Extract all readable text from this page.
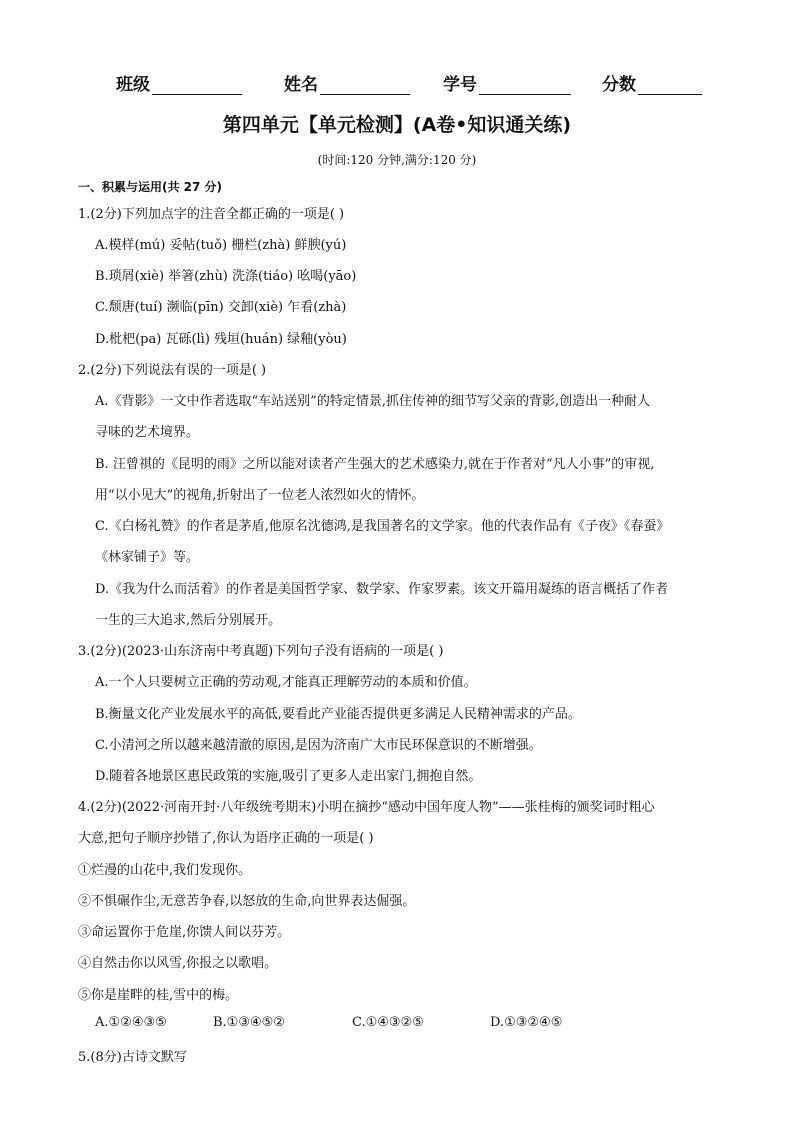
班级	姓名	学号	分数
第四单元【单元检测】(A卷•知识通关练)
(时间:120 分钟,满分:120 分)
一、积累与运用(共 27 分)
1.(2分)下列加点字的注音全都正确的一项是( )
A.模样(mú) 妥帖(tuǒ) 栅栏(zhà) 鲜腴(yú)
B.琐屑(xiè) 举箸(zhù) 洗涤(tiáo) 吆喝(yāo)
C.颓唐(tuí) 濒临(pīn) 交卸(xiè) 乍看(zhà)
D.枇杷(pa) 瓦砾(lì) 残垣(huán) 绿釉(yòu)
2.(2分)下列说法有误的一项是( )
A.《背影》一文中作者选取“车站送别”的特定情景,抓住传神的细节写父亲的背影,创造出一种耐人
寻味的艺术境界。
B. 汪曾祺的《昆明的雨》之所以能对读者产生强大的艺术感染力,就在于作者对“凡人小事”的审视,
用“以小见大”的视角,折射出了一位老人浓烈如火的情怀。
C.《白杨礼赞》的作者是茅盾,他原名沈德鸿,是我国著名的文学家。他的代表作品有《子夜》《春蚕》
《林家铺子》等。
D.《我为什么而活着》的作者是美国哲学家、数学家、作家罗素。该文开篇用凝练的语言概括了作者
一生的三大追求,然后分别展开。
3.(2分)(2023·山东济南中考真题)下列句子没有语病的一项是( )
A.一个人只要树立正确的劳动观,才能真正理解劳动的本质和价值。
B.衡量文化产业发展水平的高低,要看此产业能否提供更多满足人民精神需求的产品。
C.小清河之所以越来越清澈的原因,是因为济南广大市民环保意识的不断增强。
D.随着各地景区惠民政策的实施,吸引了更多人走出家门,拥抱自然。
4.(2分)(2022·河南开封·八年级统考期末)小明在摘抄“感动中国年度人物”——张桂梅的颁奖词时粗心
大意,把句子顺序抄错了,你认为语序正确的一项是( )
①烂漫的山花中,我们发现你。
②不惧碾作尘,无意苦争春,以怒放的生命,向世界表达倔强。
③命运置你于危崖,你馈人间以芬芳。
④自然击你以风雪,你报之以歌唱。
⑤你是崖畔的桂,雪中的梅。
A.①②④③⑤	B.①③④⑤②	C.①④③②⑤	D.①③②④⑤
5.(8分)古诗文默写
